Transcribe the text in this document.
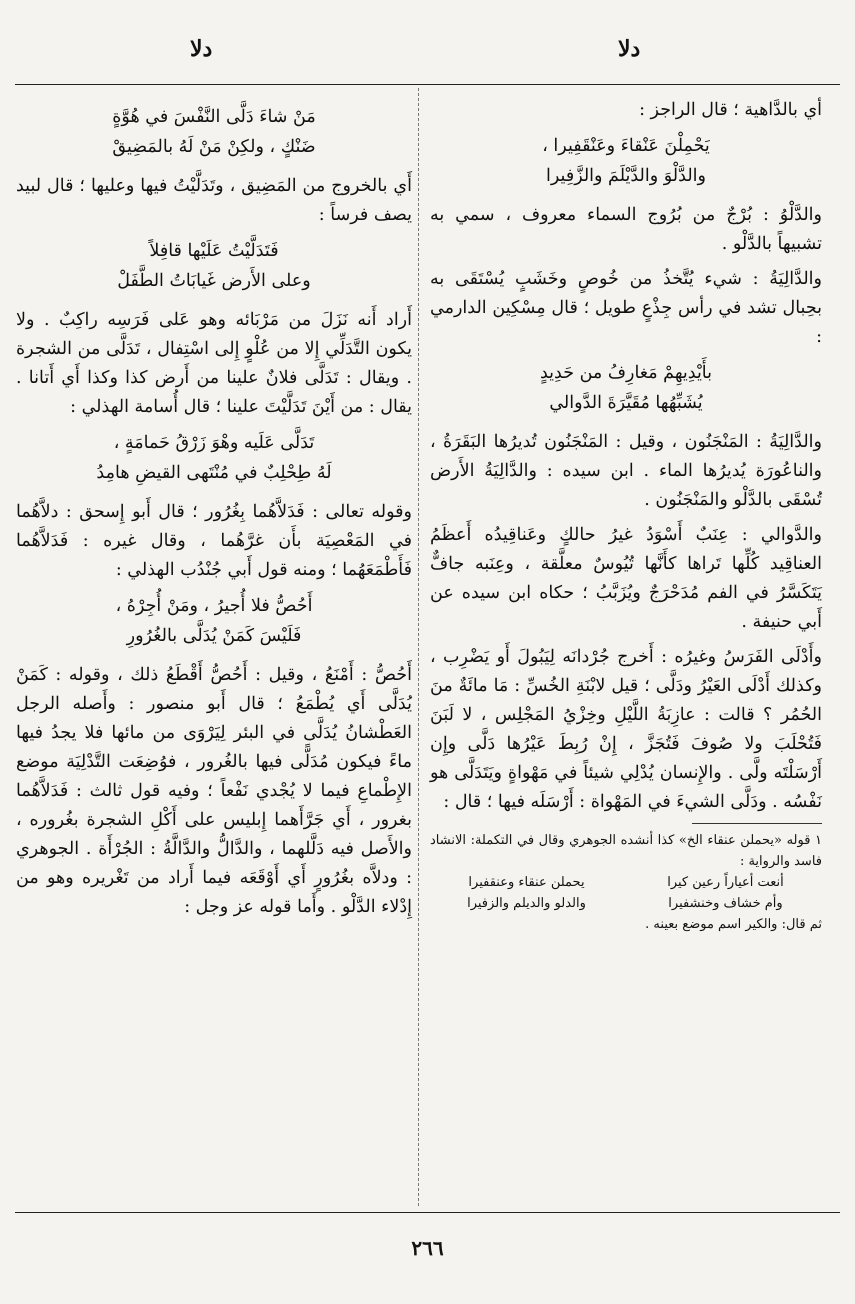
دلا
دلا

أي بالدَّاهية ؛ قال الراجز :

يَحْمِلْنَ عَنْقاءَ وعَنْقَفِيرا ،
والدَّلْوَ والدَّيْلَمَ والزَّفِيرا

والدَّلْوُ : بُرْجٌ من بُرُوج السماء معروف ، سمي به تشبيهاً بالدَّلْو .

والدَّالِيَةُ : شيء يُتَّخذُ من خُوصٍ وخَشَبٍ يُسْتَقَى به بحِبال تشد في رأس جِذْعٍ طويل ؛ قال مِسْكِين الدارمي :

بأَيْدِيهِمْ مَغارِفُ من حَدِيدٍ
يُشَبِّهُها مُقَيَّرَةَ الدَّوالي

والدَّالِيَةُ : المَنْجَنُون ، وقيل : المَنْجَنُون تُديرُها البَقَرَةُ ، والناعُورَة يُديرُها الماء . ابن سيده : والدَّالِيَةُ الأَرض تُسْقَى بالدَّلْو والمَنْجَنُون .

والدَّوالي : عِنَبٌ أَسْوَدُ غيرُ حالكٍ وعَناقِيدُه أَعظَمُ العناقِيد كُلِّها تَراها كأَنَّها تُيُوسٌ معلَّقة ، وعِنَبه جافٌّ يَتَكَسَّرُ في الفم مُدَحْرَجٌ ويُزَبَّبُ ؛ حكاه ابن سيده عن أَبي حنيفة .

وأَدْلَى الفَرَسُ وغيرُه : أَخرج جُرْدانَه لِيَبُولَ أَو يَضْرِب ، وكذلك أَدْلَى العَيْرُ ودَلَّى ؛ قيل لابْنَةِ الخُسِّ : مَا مائَةٌ منَ الحُمُر ؟ قالت : عازِبَةُ اللَّيْلِ وخِزْيُ المَجْلِس ، لا لَبَنَ فَتُحْلَبَ ولا صُوفَ فَتُجَزَّ ، إِنْ رُبِطَ عَيْرُها دَلَّى وإِن أَرْسَلْتَه ولَّى . والإِنسان يُدْلِي شيئاً في مَهْواةٍ ويَتَدَلَّى هو نَفْسُه . ودَلَّى الشيءَ في المَهْواة : أَرْسَلَه فيها ؛ قال :

١ قوله «يحملن عنقاء الخ» كذا أنشده الجوهري وقال في التكملة: الانشاد فاسد والرواية :
أنعت أعياراً رعين كيرا
يحملن عنقاء وعنقفيرا
وأم خشاف وخنشفيرا
والدلو والديلم والزفيرا
ثم قال: والكير اسم موضع بعينه .
مَنْ شاءَ دَلَّى النَّفْسَ في هُوَّةٍ
ضَنْكٍ ، ولكِنْ مَنْ لَهُ بالمَضِيقْ

أَي بالخروج من المَضِيق ، وتَدَلَّيْتُ فيها وعليها ؛ قال لبيد يصف فرساً :

فَتَدَلَّيْتُ عَلَيْها قافِلاً
وعلى الأَرض غَيابَاتُ الطَّفَلْ

أَراد أَنه نَزَلَ من مَرْبَائه وهو عَلى فَرَسِه راكِبٌ . ولا يكون التَّدَلِّي إِلا من عُلْوٍ إِلى اسْتِفال ، تَدَلَّى من الشجرة . ويقال : تَدَلَّى فلانٌ علينا من أَرض كذا وكذا أَي أَتانا . يقال : من أَيْنَ تَدَلَّيْتَ علينا ؛ قال أُسامة الهذلي :

تَدَلَّى عَلَيه وهْوَ زَرْقُ حَمامَةٍ ،
لَهُ طِحْلِبٌ في مُنْتَهى القيضِ هامِدُ

وقوله تعالى : فَدَلاَّهُما بِغُرُور ؛ قال أَبو إِسحق : دلاَّهُما في المَعْصِيَة بأَن غرَّهُما ، وقال غيره : فَدَلاَّهُما فَأَطْمَعَهُما ؛ ومنه قول أَبي جُنْدُب الهذلي :

أَحُصُّ فلا أُجيرُ ، ومَنْ أُجِرْهُ ،
فَلَيْسَ كَمَنْ يُدَلَّى بالغُرُورِ

أَحُصُّ : أَمْنَعُ ، وقيل : أَحُصُّ أَقْطَعُ ذلك ، وقوله : كَمَنْ يُدَلَّى أَي يُطْمَعُ ؛ قال أَبو منصور : وأَصله الرجل العَطْشانُ يُدَلَّى في البئر لِيَرْوَى من مائها فلا يجدُ فيها ماءً فيكون مُدَلًّى فيها بالغُرور ، فوُضِعَت التَّدْلِيَة موضع الإِطْماعِ فيما لا يُجْدي نَفْعاً ؛ وفيه قول ثالث : فَدَلاَّهُما بغرور ، أَي جَرَّأَهما إِبليس على أَكْلِ الشجرة بغُروره ، والأَصل فيه دَلَّلهما ، والدَّالُّ والدَّالَّةُ : الجُرْأَة . الجوهري : ودلاَّه بغُرُورٍ أَي أَوْقَعَه فيما أَراد من تَغْريره وهو من إِدْلاء الدَّلْو . وأَما قوله عز وجل :

٢٦٦
